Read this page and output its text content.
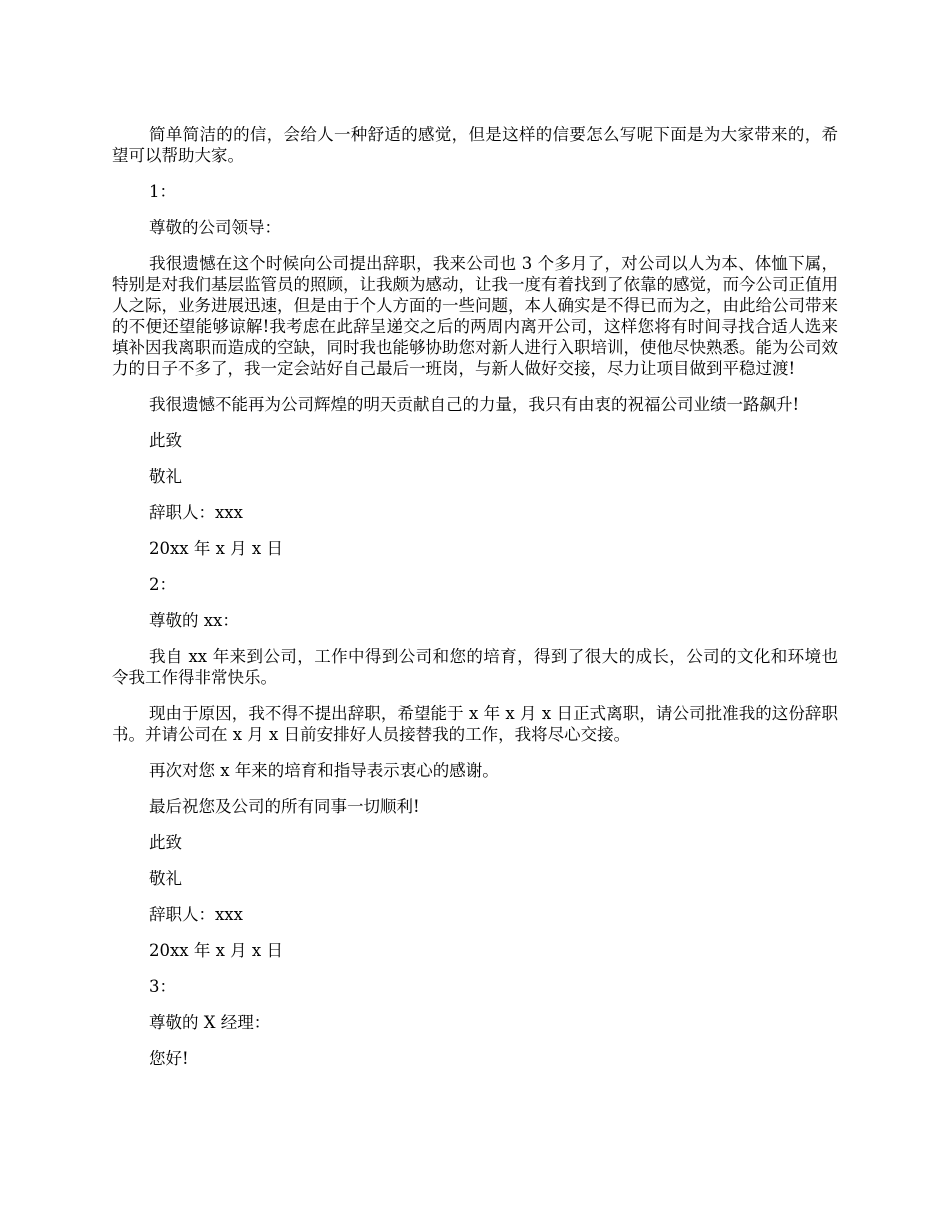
简单简洁的的信，会给人一种舒适的感觉，但是这样的信要怎么写呢下面是为大家带来的，希望可以帮助大家。

1：

尊敬的公司领导：

我很遗憾在这个时候向公司提出辞职，我来公司也 3 个多月了，对公司以人为本、体恤下属，特别是对我们基层监管员的照顾，让我颇为感动，让我一度有着找到了依靠的感觉，而今公司正值用人之际，业务进展迅速，但是由于个人方面的一些问题，本人确实是不得已而为之，由此给公司带来的不便还望能够谅解!我考虑在此辞呈递交之后的两周内离开公司，这样您将有时间寻找合适人选来填补因我离职而造成的空缺，同时我也能够协助您对新人进行入职培训，使他尽快熟悉。能为公司效力的日子不多了，我一定会站好自己最后一班岗，与新人做好交接，尽力让项目做到平稳过渡!

我很遗憾不能再为公司辉煌的明天贡献自己的力量，我只有由衷的祝福公司业绩一路飙升!

此致

敬礼

辞职人：xxx

20xx 年 x 月 x 日

2：

尊敬的 xx：

我自 xx 年来到公司，工作中得到公司和您的培育，得到了很大的成长，公司的文化和环境也令我工作得非常快乐。

现由于原因，我不得不提出辞职，希望能于 x 年 x 月 x 日正式离职，请公司批准我的这份辞职书。并请公司在 x 月 x 日前安排好人员接替我的工作，我将尽心交接。

再次对您 x 年来的培育和指导表示衷心的感谢。

最后祝您及公司的所有同事一切顺利!

此致

敬礼

辞职人：xxx

20xx 年 x 月 x 日

3：

尊敬的 X 经理：

您好!
